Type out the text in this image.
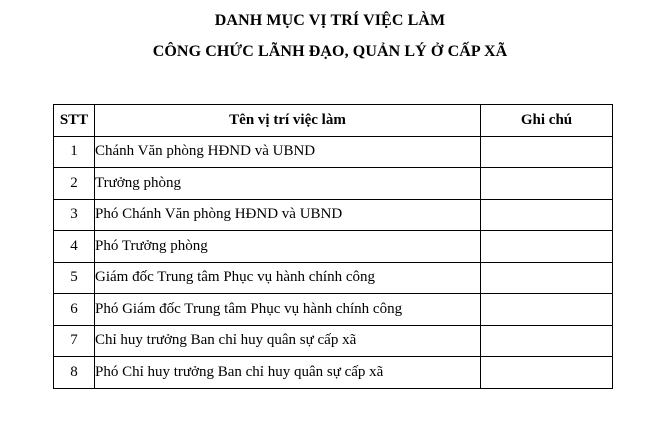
DANH MỤC VỊ TRÍ VIỆC LÀM
CÔNG CHỨC LÃNH ĐẠO, QUẢN LÝ Ở CẤP XÃ
STT	Tên vị trí việc làm	Ghi chú
1	Chánh Văn phòng HĐND và UBND	
2	Trưởng phòng	
3	Phó Chánh Văn phòng HĐND và UBND	
4	Phó Trưởng phòng	
5	Giám đốc Trung tâm Phục vụ hành chính công	
6	Phó Giám đốc Trung tâm Phục vụ hành chính công	
7	Chỉ huy trưởng Ban chỉ huy quân sự cấp xã	
8	Phó Chỉ huy trưởng Ban chỉ huy quân sự cấp xã	
